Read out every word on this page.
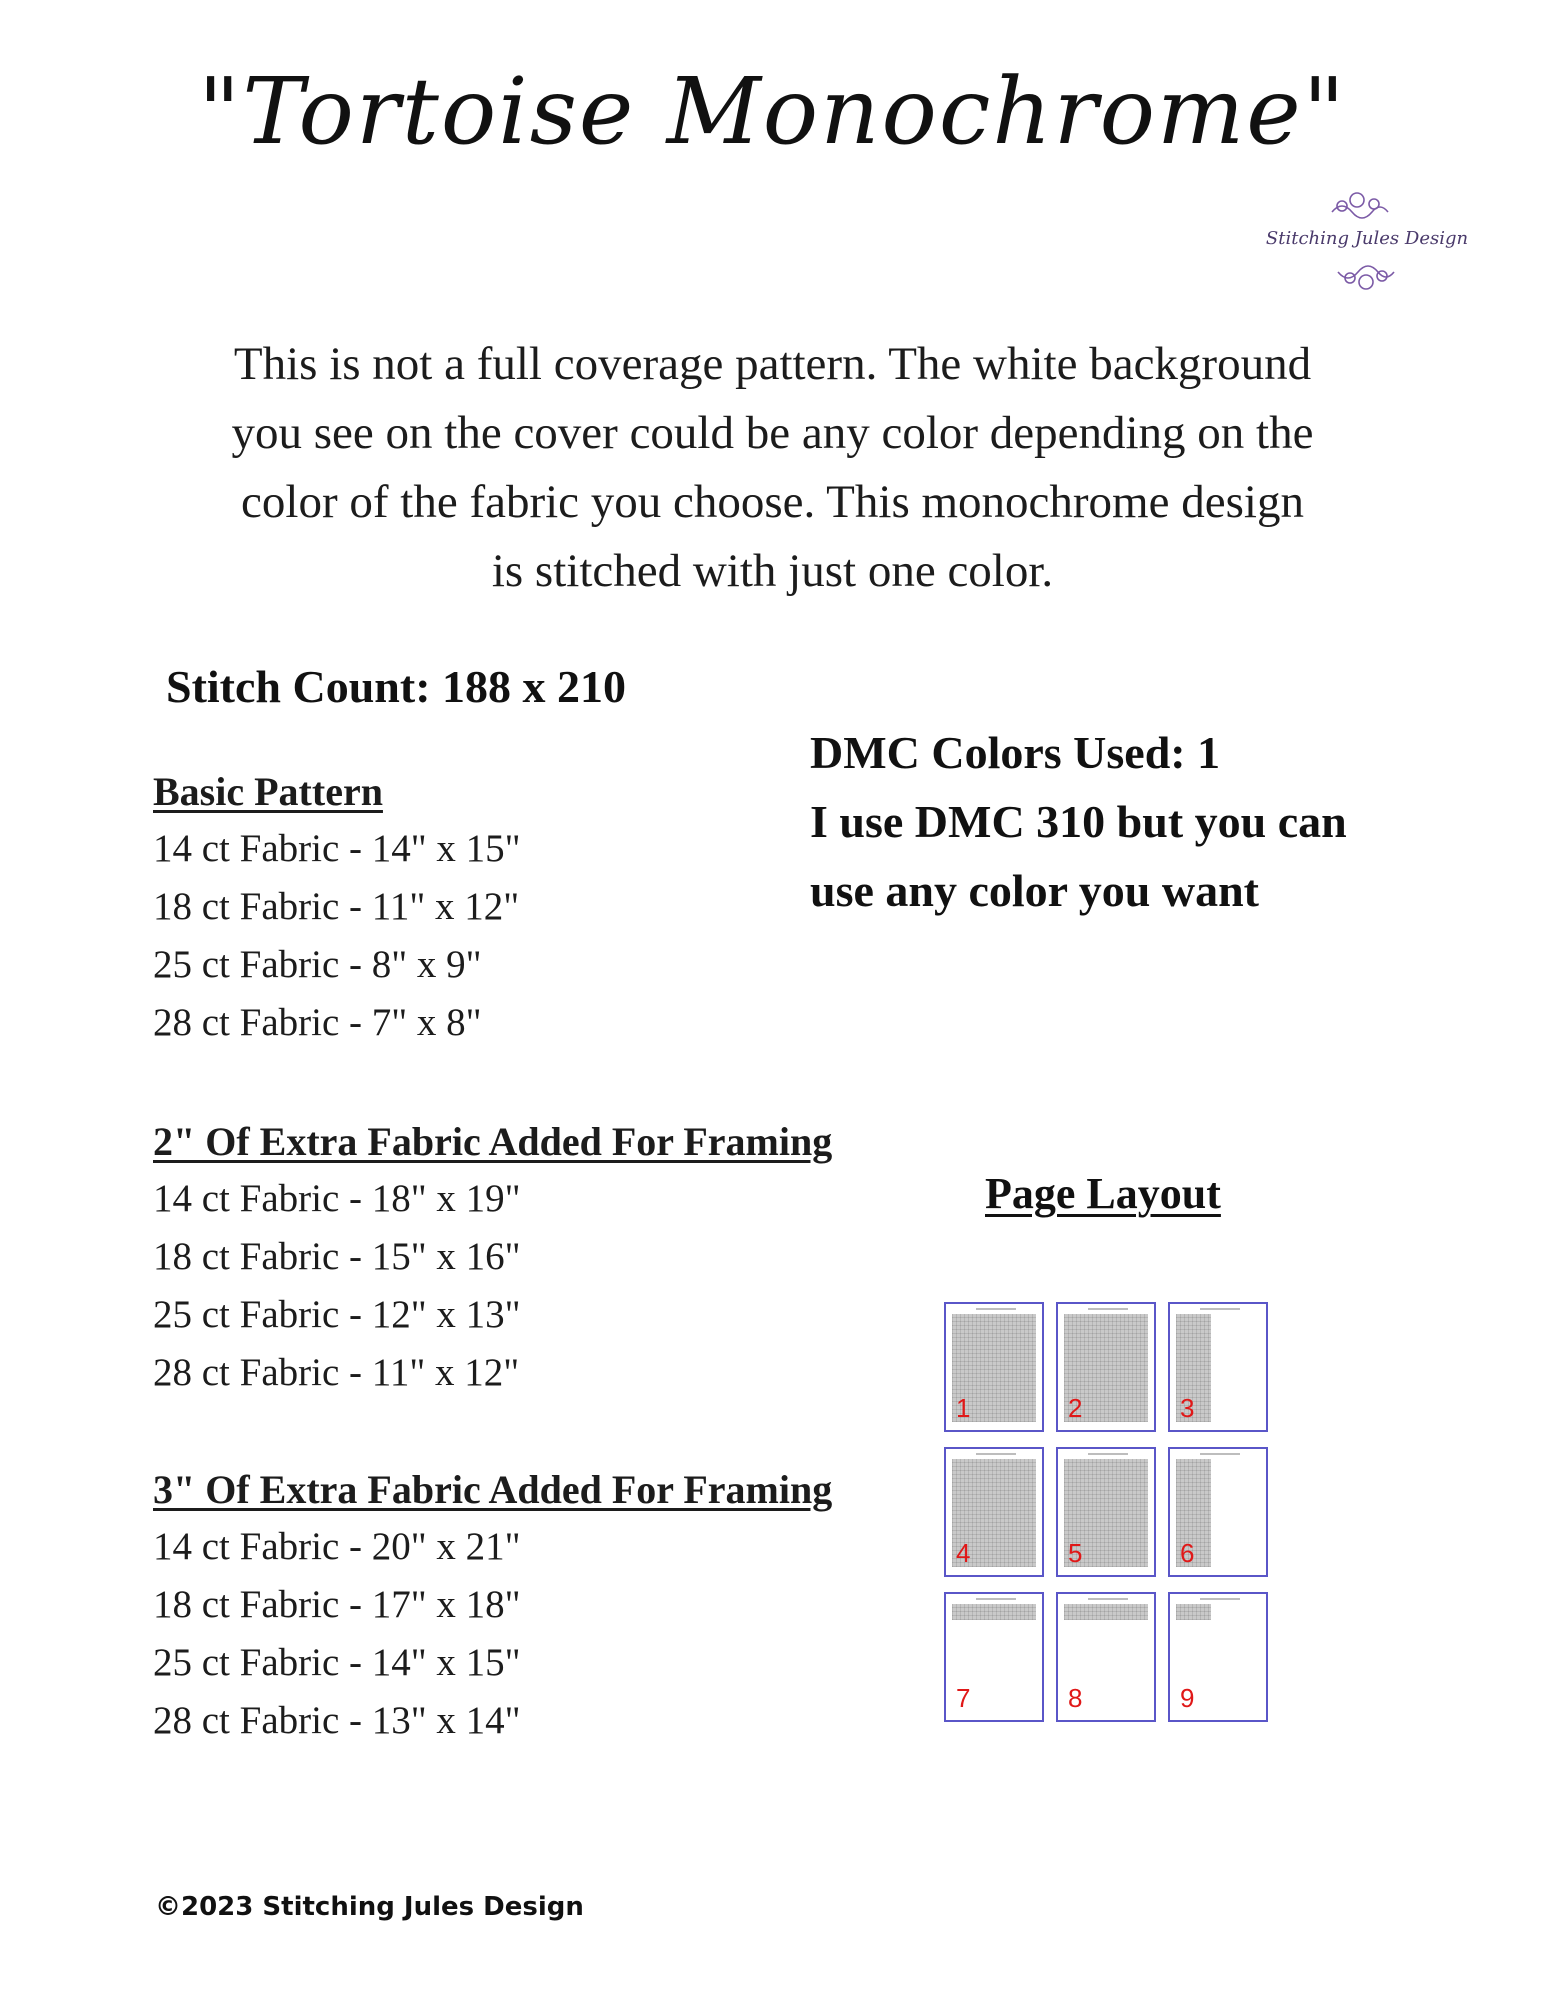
"Tortoise Monochrome"
Stitching Jules Design
This is not a full coverage pattern. The white background
you see on the cover could be any color depending on the
color of the fabric you choose. This monochrome design
is stitched with just one color.
Stitch Count: 188 x 210
DMC Colors Used: 1
I use DMC 310 but you can
use any color you want
Basic Pattern
14 ct Fabric - 14" x 15"
18 ct Fabric - 11" x 12"
25 ct Fabric - 8" x 9"
28 ct Fabric - 7" x 8"
2" Of Extra Fabric Added For Framing
14 ct Fabric - 18" x 19"
18 ct Fabric - 15" x 16"
25 ct Fabric - 12" x 13"
28 ct Fabric - 11" x 12"
3" Of Extra Fabric Added For Framing
14 ct Fabric - 20" x 21"
18 ct Fabric - 17" x 18"
25 ct Fabric - 14" x 15"
28 ct Fabric - 13" x 14"
Page Layout
1	2	3
4	5	6
7	8	9
©2023 Stitching Jules Design
